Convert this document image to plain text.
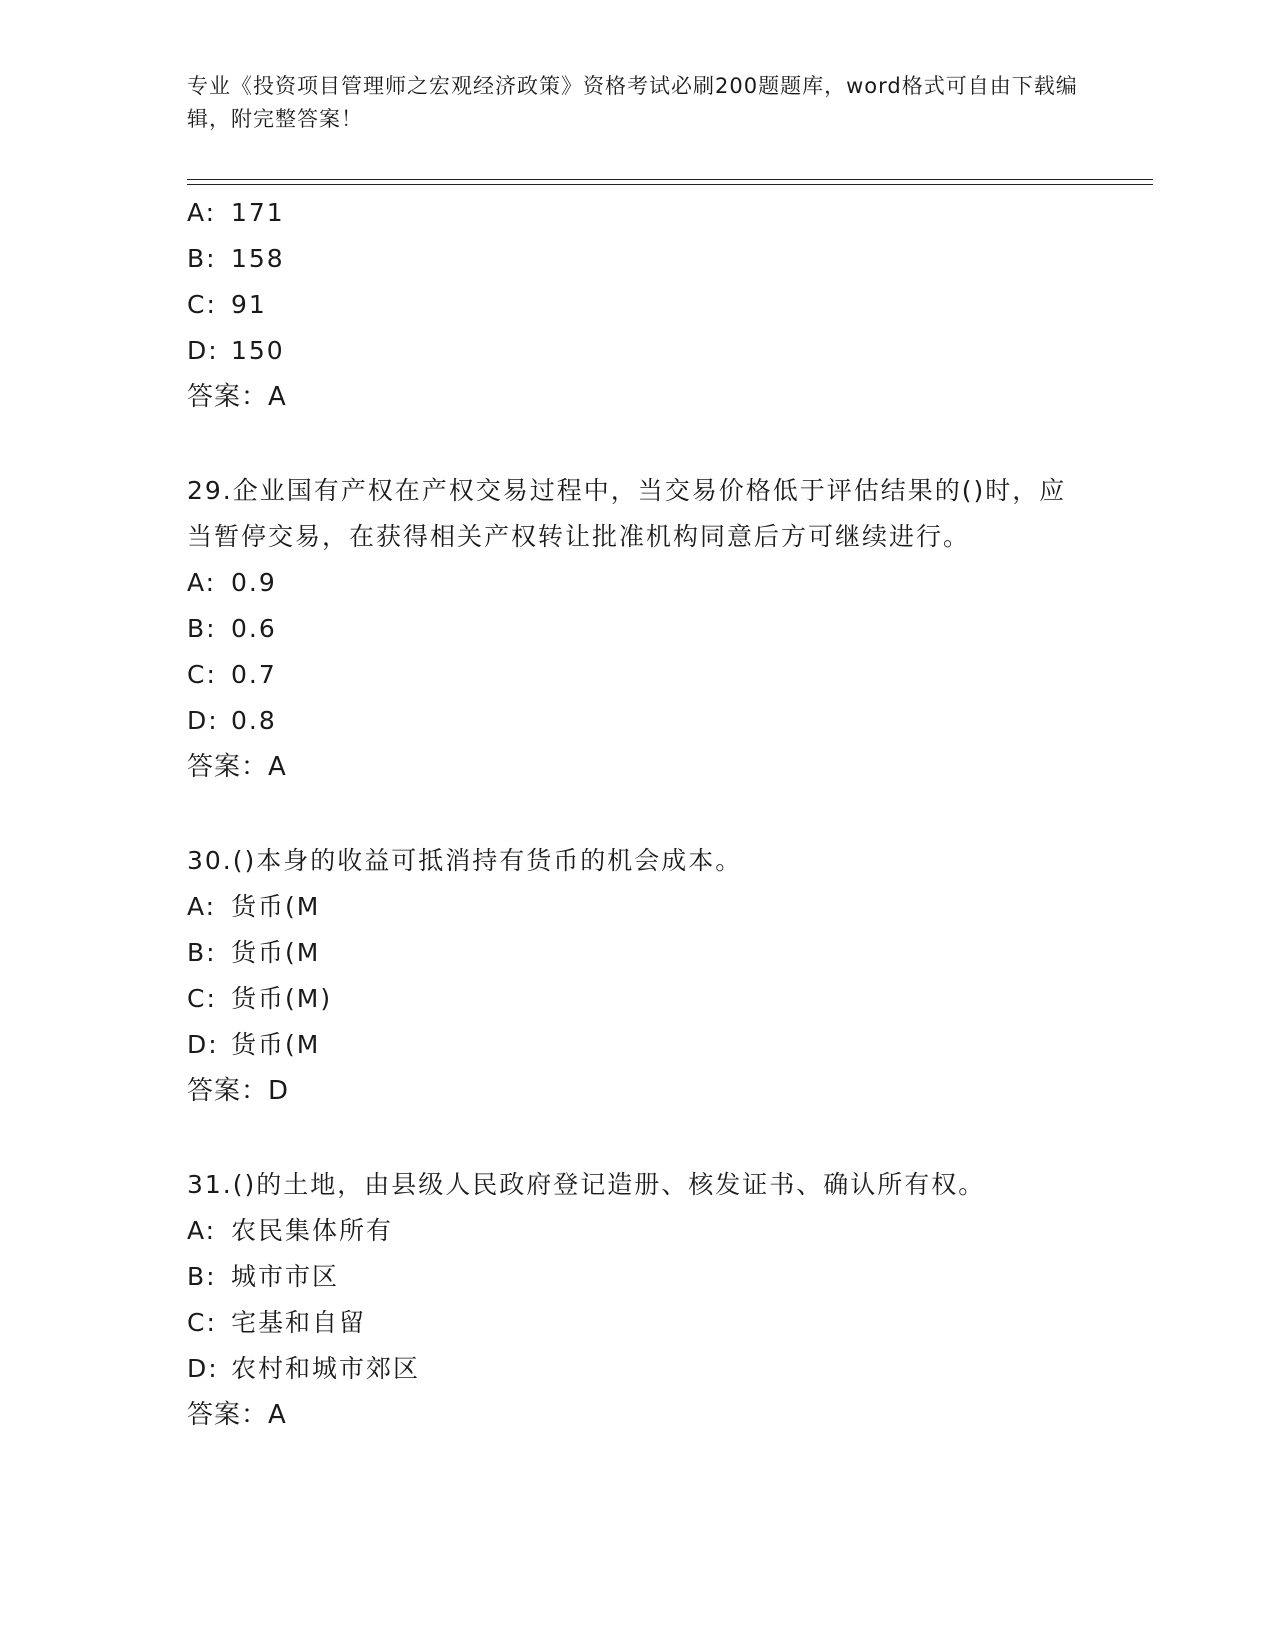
专业《投资项目管理师之宏观经济政策》资格考试必刷200题题库，word格式可自由下载编辑，附完整答案！
A: 171
B: 158
C: 91
D: 150
答案：A
29.企业国有产权在产权交易过程中，当交易价格低于评估结果的()时，应当暂停交易，在获得相关产权转让批准机构同意后方可继续进行。
A: 0.9
B: 0.6
C: 0.7
D: 0.8
答案：A
30.()本身的收益可抵消持有货币的机会成本。
A: 货币(M
B: 货币(M
C: 货币(M)
D: 货币(M
答案：D
31.()的土地，由县级人民政府登记造册、核发证书、确认所有权。
A: 农民集体所有
B: 城市市区
C: 宅基和自留
D: 农村和城市郊区
答案：A
